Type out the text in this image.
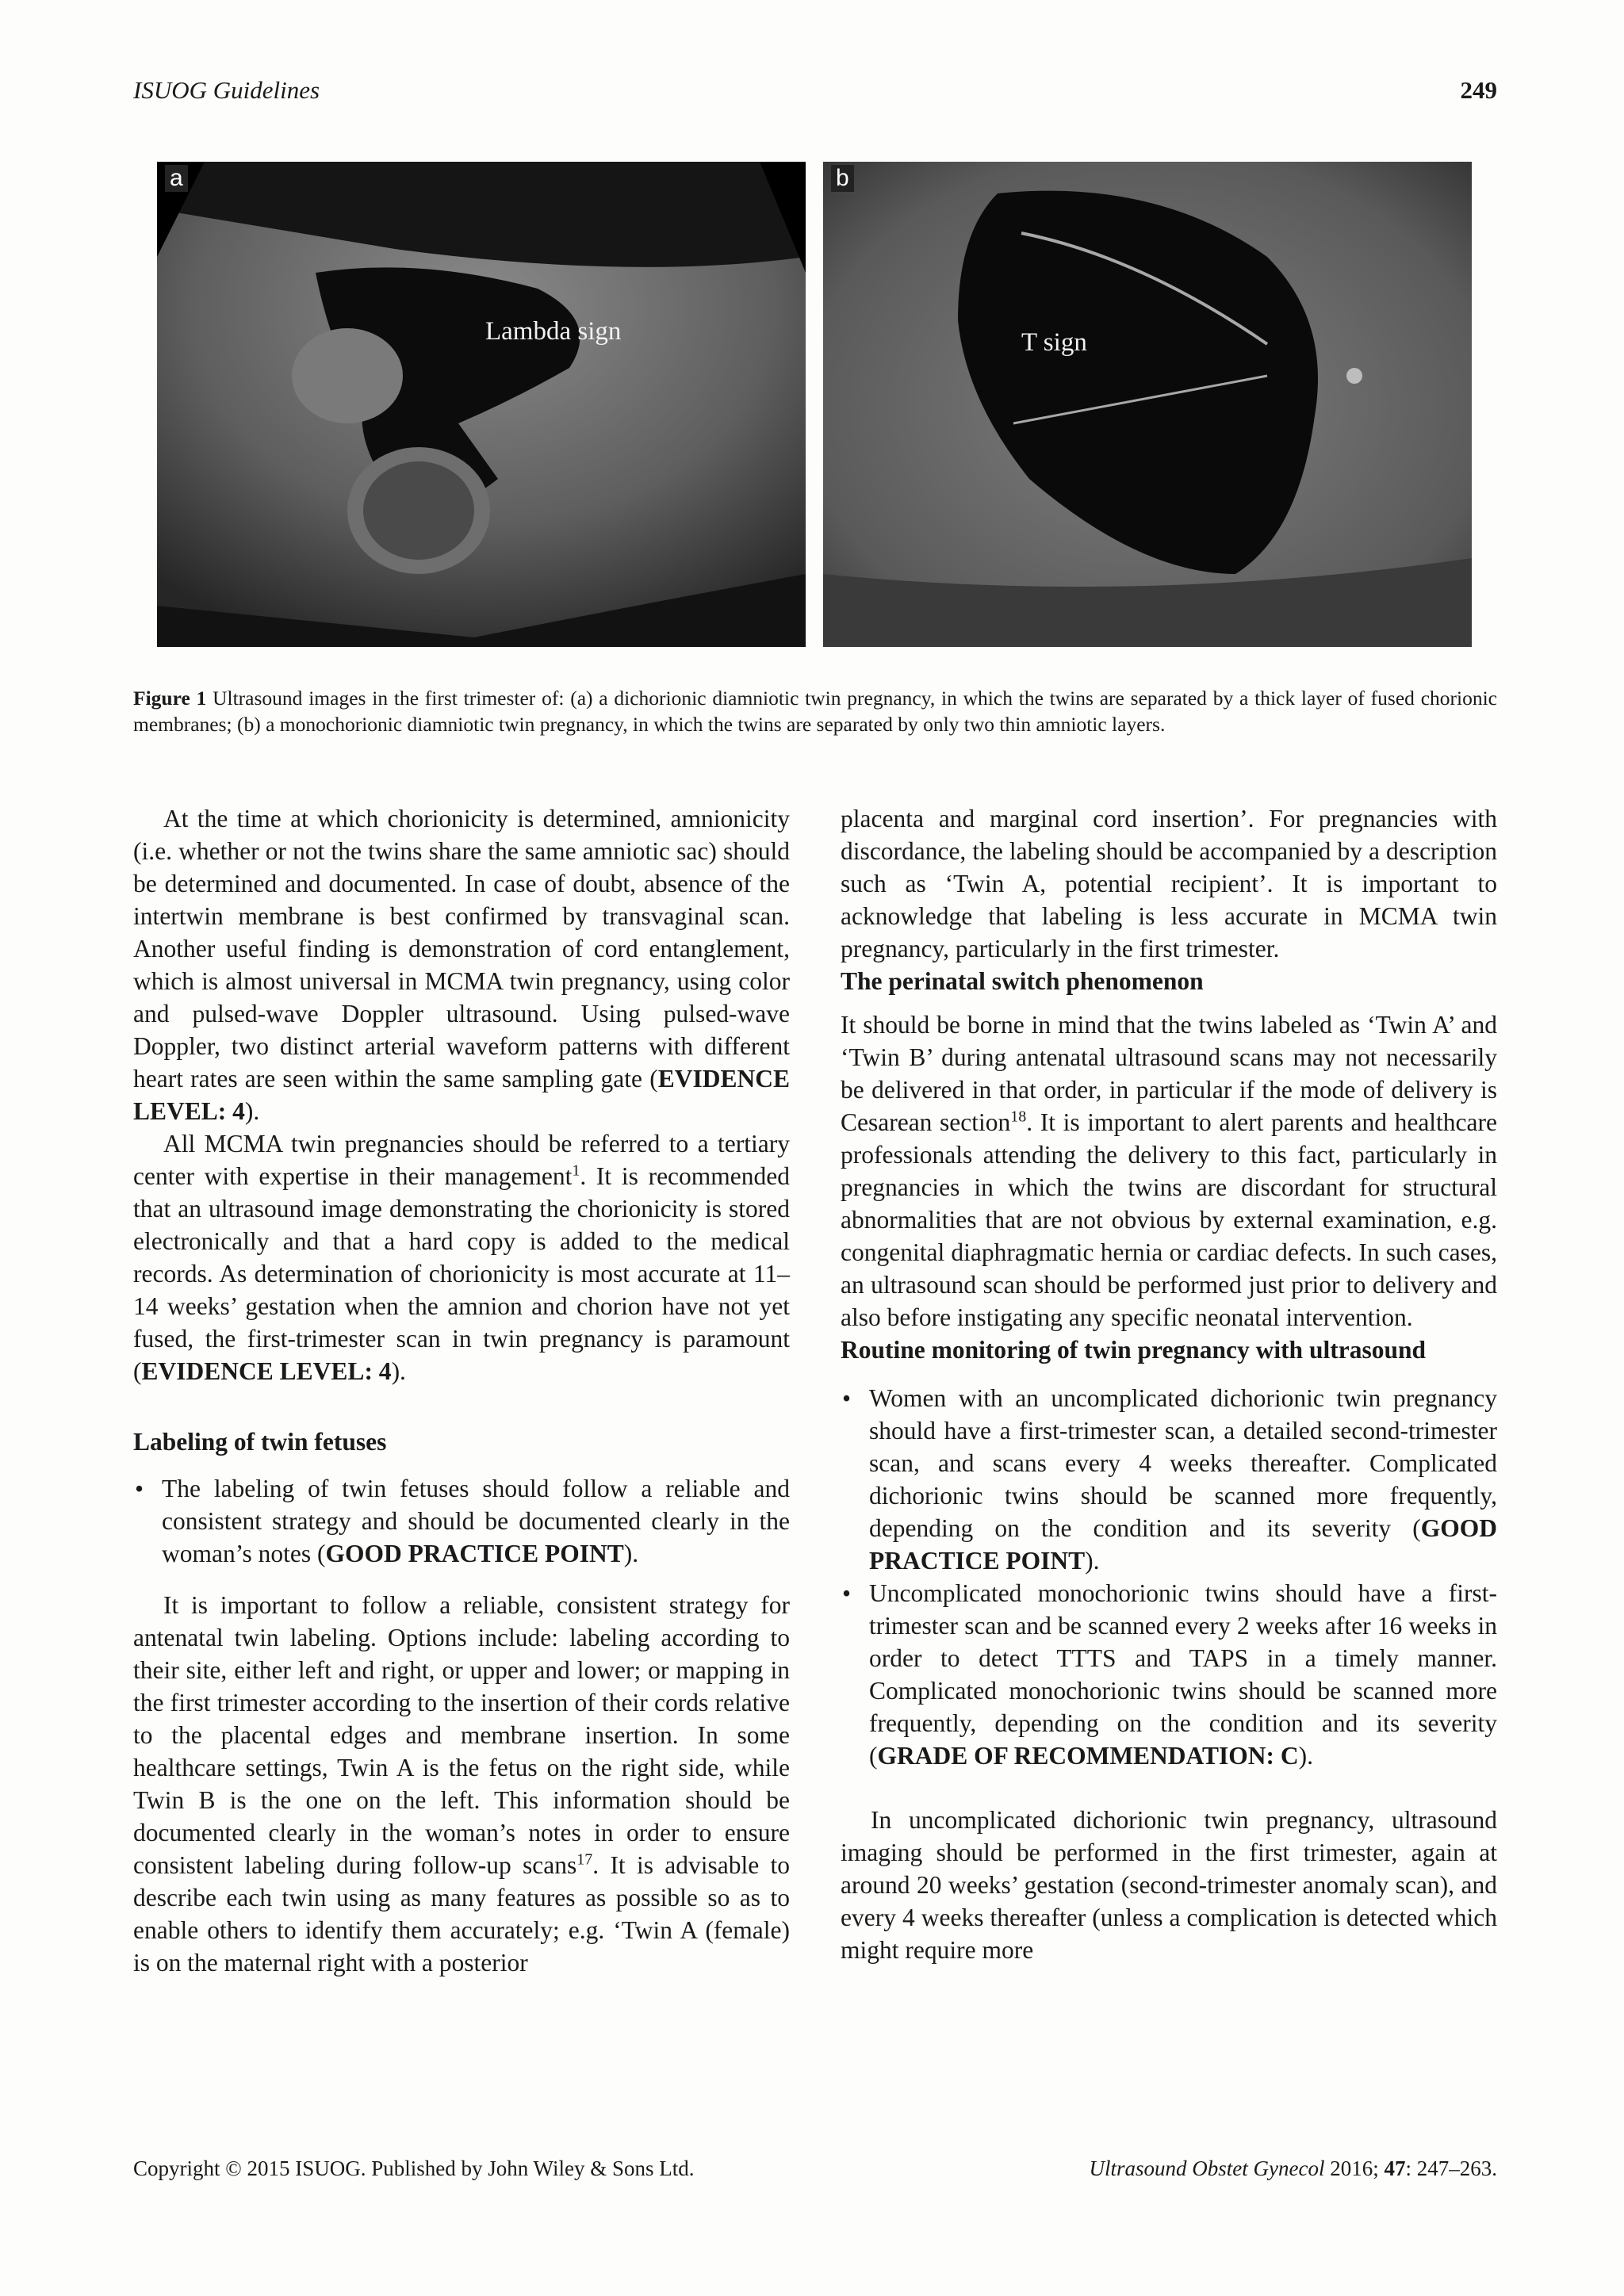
ISUOG Guidelines	249
a
Lambda sign
b
T sign
Figure 1 Ultrasound images in the first trimester of: (a) a dichorionic diamniotic twin pregnancy, in which the twins are separated by a thick layer of fused chorionic membranes; (b) a monochorionic diamniotic twin pregnancy, in which the twins are separated by only two thin amniotic layers.

At the time at which chorionicity is determined, amnionicity (i.e. whether or not the twins share the same amniotic sac) should be determined and documented. In case of doubt, absence of the intertwin membrane is best confirmed by transvaginal scan. Another useful finding is demonstration of cord entanglement, which is almost universal in MCMA twin pregnancy, using color and pulsed-wave Doppler ultrasound. Using pulsed-wave Doppler, two distinct arterial waveform patterns with different heart rates are seen within the same sampling gate (EVIDENCE LEVEL: 4).

All MCMA twin pregnancies should be referred to a tertiary center with expertise in their management$^1$. It is recommended that an ultrasound image demonstrating the chorionicity is stored electronically and that a hard copy is added to the medical records. As determination of chorionicity is most accurate at 11–14 weeks’ gestation when the amnion and chorion have not yet fused, the first-trimester scan in twin pregnancy is paramount (EVIDENCE LEVEL: 4).

Labeling of twin fetuses
• The labeling of twin fetuses should follow a reliable and consistent strategy and should be documented clearly in the woman’s notes (GOOD PRACTICE POINT).

It is important to follow a reliable, consistent strategy for antenatal twin labeling. Options include: labeling according to their site, either left and right, or upper and lower; or mapping in the first trimester according to the insertion of their cords relative to the placental edges and membrane insertion. In some healthcare settings, Twin A is the fetus on the right side, while Twin B is the one on the left. This information should be documented clearly in the woman’s notes in order to ensure consistent labeling during follow-up scans$^{17}$. It is advisable to describe each twin using as many features as possible so as to enable others to identify them accurately; e.g. ‘Twin A (female) is on the maternal right with a posterior

placenta and marginal cord insertion’. For pregnancies with discordance, the labeling should be accompanied by a description such as ‘Twin A, potential recipient’. It is important to acknowledge that labeling is less accurate in MCMA twin pregnancy, particularly in the first trimester.

The perinatal switch phenomenon

It should be borne in mind that the twins labeled as ‘Twin A’ and ‘Twin B’ during antenatal ultrasound scans may not necessarily be delivered in that order, in particular if the mode of delivery is Cesarean section$^{18}$. It is important to alert parents and healthcare professionals attending the delivery to this fact, particularly in pregnancies in which the twins are discordant for structural abnormalities that are not obvious by external examination, e.g. congenital diaphragmatic hernia or cardiac defects. In such cases, an ultrasound scan should be performed just prior to delivery and also before instigating any specific neonatal intervention.

Routine monitoring of twin pregnancy with ultrasound
• Women with an uncomplicated dichorionic twin pregnancy should have a first-trimester scan, a detailed second-trimester scan, and scans every 4 weeks thereafter. Complicated dichorionic twins should be scanned more frequently, depending on the condition and its severity (GOOD PRACTICE POINT).
• Uncomplicated monochorionic twins should have a first-trimester scan and be scanned every 2 weeks after 16 weeks in order to detect TTTS and TAPS in a timely manner. Complicated monochorionic twins should be scanned more frequently, depending on the condition and its severity (GRADE OF RECOMMENDATION: C).

In uncomplicated dichorionic twin pregnancy, ultrasound imaging should be performed in the first trimester, again at around 20 weeks’ gestation (second-trimester anomaly scan), and every 4 weeks thereafter (unless a complication is detected which might require more

Copyright © 2015 ISUOG. Published by John Wiley & Sons Ltd.	Ultrasound Obstet Gynecol 2016; 47: 247–263.
